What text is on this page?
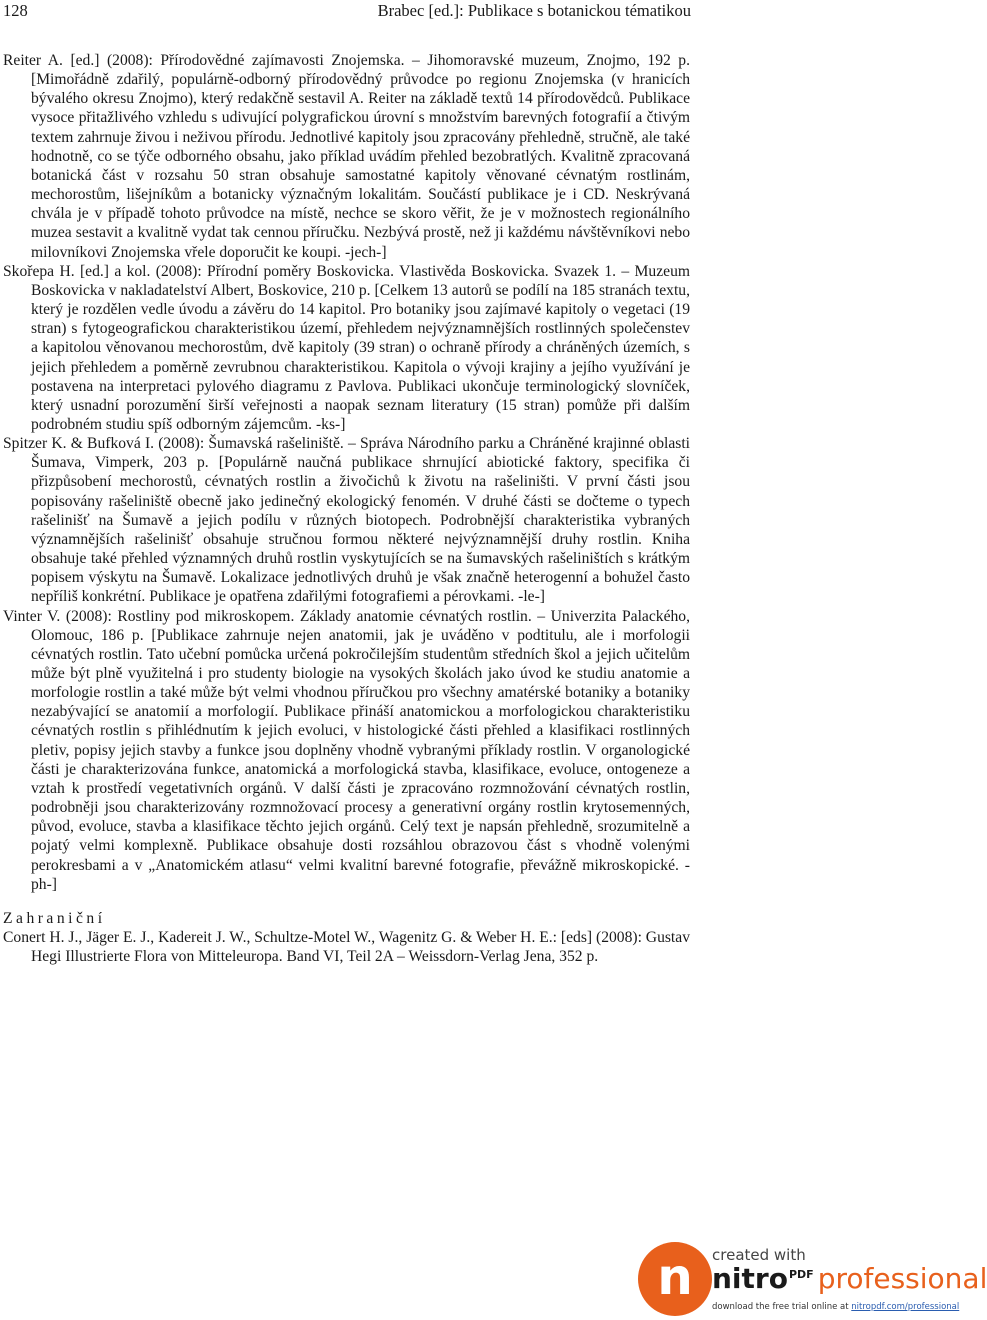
128	Brabec [ed.]: Publikace s botanickou tématikou

Reiter A. [ed.] (2008): Přírodovědné zajímavosti Znojemska. – Jihomoravské muzeum, Znojmo, 192 p. [Mimořádně zdařilý, populárně-odborný přírodovědný průvodce po regionu Znojemska (v hranicích bývalého okresu Znojmo), který redakčně sestavil A. Reiter na základě textů 14 přírodovědců. Publikace vysoce přitažlivého vzhledu s udivující polygrafickou úrovní s množstvím barevných fotografií a čtivým textem zahrnuje živou i neživou přírodu. Jednotlivé kapitoly jsou zpracovány přehledně, stručně, ale také hodnotně, co se týče odborného obsahu, jako příklad uvádím přehled bezobratlých. Kvalitně zpracovaná botanická část v rozsahu 50 stran obsahuje samostatné kapitoly věnované cévnatým rostlinám, mechorostům, lišejníkům a botanicky význačným lokalitám. Součástí publikace je i CD. Neskrývaná chvála je v případě tohoto průvodce na místě, nechce se skoro věřit, že je v možnostech regionálního muzea sestavit a kvalitně vydat tak cennou příručku. Nezbývá prostě, než ji každému návštěvníkovi nebo milovníkovi Znojemska vřele doporučit ke koupi. -jech-]

Skořepa H. [ed.] a kol. (2008): Přírodní poměry Boskovicka. Vlastivěda Boskovicka. Svazek 1. – Muzeum Boskovicka v nakladatelství Albert, Boskovice, 210 p. [Celkem 13 autorů se podílí na 185 stranách textu, který je rozdělen vedle úvodu a závěru do 14 kapitol. Pro botaniky jsou zajímavé kapitoly o vegetaci (19 stran) s fytogeografickou charakteristikou území, přehledem nejvýznamnějších rostlinných společenstev a kapitolou věnovanou mechorostům, dvě kapitoly (39 stran) o ochraně přírody a chráněných územích, s jejich přehledem a poměrně zevrubnou charakteristikou. Kapitola o vývoji krajiny a jejího využívání je postavena na interpretaci pylového diagramu z Pavlova. Publikaci ukončuje terminologický slovníček, který usnadní porozumění širší veřejnosti a naopak seznam literatury (15 stran) pomůže při dalším podrobném studiu spíš odborným zájemcům. -ks-]

Spitzer K. & Bufková I. (2008): Šumavská rašeliniště. – Správa Národního parku a Chráněné krajinné oblasti Šumava, Vimperk, 203 p. [Populárně naučná publikace shrnující abiotické faktory, specifika či přizpůsobení mechorostů, cévnatých rostlin a živočichů k životu na rašeliništi. V první části jsou popisovány rašeliniště obecně jako jedinečný ekologický fenomén. V druhé části se dočteme o typech rašelinišť na Šumavě a jejich podílu v různých biotopech. Podrobnější charakteristika vybraných významnějších rašelinišť obsahuje stručnou formou některé nejvýznamnější druhy rostlin. Kniha obsahuje také přehled významných druhů rostlin vyskytujících se na šumavských rašeliništích s krátkým popisem výskytu na Šumavě. Lokalizace jednotlivých druhů je však značně heterogenní a bohužel často nepříliš konkrétní. Publikace je opatřena zdařilými fotografiemi a pérovkami. -le-]

Vinter V. (2008): Rostliny pod mikroskopem. Základy anatomie cévnatých rostlin. – Univerzita Palackého, Olomouc, 186 p. [Publikace zahrnuje nejen anatomii, jak je uváděno v podtitulu, ale i morfologii cévnatých rostlin. Tato učební pomůcka určená pokročilejším studentům středních škol a jejich učitelům může být plně využitelná i pro studenty biologie na vysokých školách jako úvod ke studiu anatomie a morfologie rostlin a také může být velmi vhodnou příručkou pro všechny amatérské botaniky a botaniky nezabývající se anatomií a morfologií. Publikace přináší anatomickou a morfologickou charakteristiku cévnatých rostlin s přihlédnutím k jejich evoluci, v histologické části přehled a klasifikaci rostlinných pletiv, popisy jejich stavby a funkce jsou doplněny vhodně vybranými příklady rostlin. V organologické části je charakterizována funkce, anatomická a morfologická stavba, klasifikace, evoluce, ontogeneze a vztah k prostředí vegetativních orgánů. V další části je zpracováno rozmnožování cévnatých rostlin, podrobněji jsou charakterizovány rozmnožovací procesy a generativní orgány rostlin krytosemenných, původ, evoluce, stavba a klasifikace těchto jejich orgánů. Celý text je napsán přehledně, srozumitelně a pojatý velmi komplexně. Publikace obsahuje dosti rozsáhlou obrazovou část s vhodně volenými perokresbami a v „Anatomickém atlasu“ velmi kvalitní barevné fotografie, převážně mikroskopické. -ph-]

Zahraniční

Conert H. J., Jäger E. J., Kadereit J. W., Schultze-Motel W., Wagenitz G. & Weber H. E.: [eds] (2008): Gustav Hegi Illustrierte Flora von Mitteleuropa. Band VI, Teil 2A – Weissdorn-Verlag Jena, 352 p.

n	created with
nitro$^{PDF}$ professional
download the free trial online at nitropdf.com/professional
